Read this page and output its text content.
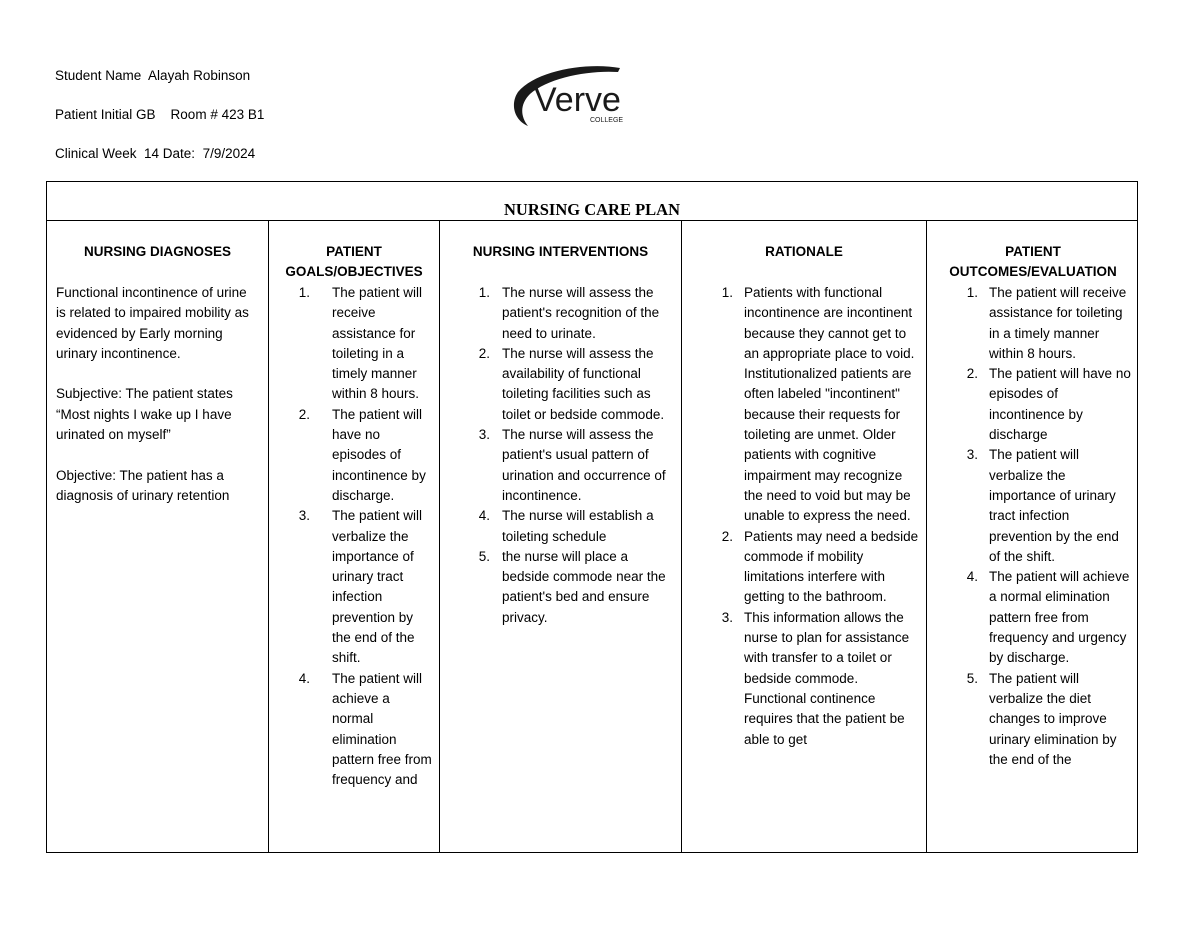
Student Name  Alayah Robinson
Patient Initial GB    Room # 423 B1
Clinical Week  14 Date:  7/9/2024
Verve
COLLEGE
NURSING CARE PLAN
NURSING DIAGNOSES

Functional incontinence of urine is related to impaired mobility as evidenced by Early morning urinary incontinence.

Subjective: The patient states “Most nights I wake up I have urinated on myself”

Objective: The patient has a diagnosis of urinary retention

PATIENT GOALS/OBJECTIVES
1. The patient will receive assistance for toileting in a timely manner within 8 hours.
2. The patient will have no episodes of incontinence by discharge.
3. The patient will verbalize the importance of urinary tract infection prevention by the end of the shift.
4. The patient will achieve a normal elimination pattern free from frequency and
NURSING INTERVENTIONS
1. The nurse will assess the patient's recognition of the need to urinate.
2. The nurse will assess the availability of functional toileting facilities such as toilet or bedside commode.
3. The nurse will assess the patient's usual pattern of urination and occurrence of incontinence.
4. The nurse will establish a toileting schedule
5. the nurse will place a bedside commode near the patient's bed and ensure privacy.
RATIONALE
1. Patients with functional incontinence are incontinent because they cannot get to an appropriate place to void. Institutionalized patients are often labeled "incontinent" because their requests for toileting are unmet. Older patients with cognitive impairment may recognize the need to void but may be unable to express the need.
2. Patients may need a bedside commode if mobility limitations interfere with getting to the bathroom.
3. This information allows the nurse to plan for assistance with transfer to a toilet or bedside commode. Functional continence requires that the patient be able to get
PATIENT OUTCOMES/EVALUATION
1. The patient will receive assistance for toileting in a timely manner within 8 hours.
2. The patient will have no episodes of incontinence by discharge
3. The patient will verbalize the importance of urinary tract infection prevention by the end of the shift.
4. The patient will achieve a normal elimination pattern free from frequency and urgency by discharge.
5. The patient will verbalize the diet changes to improve urinary elimination by the end of the
